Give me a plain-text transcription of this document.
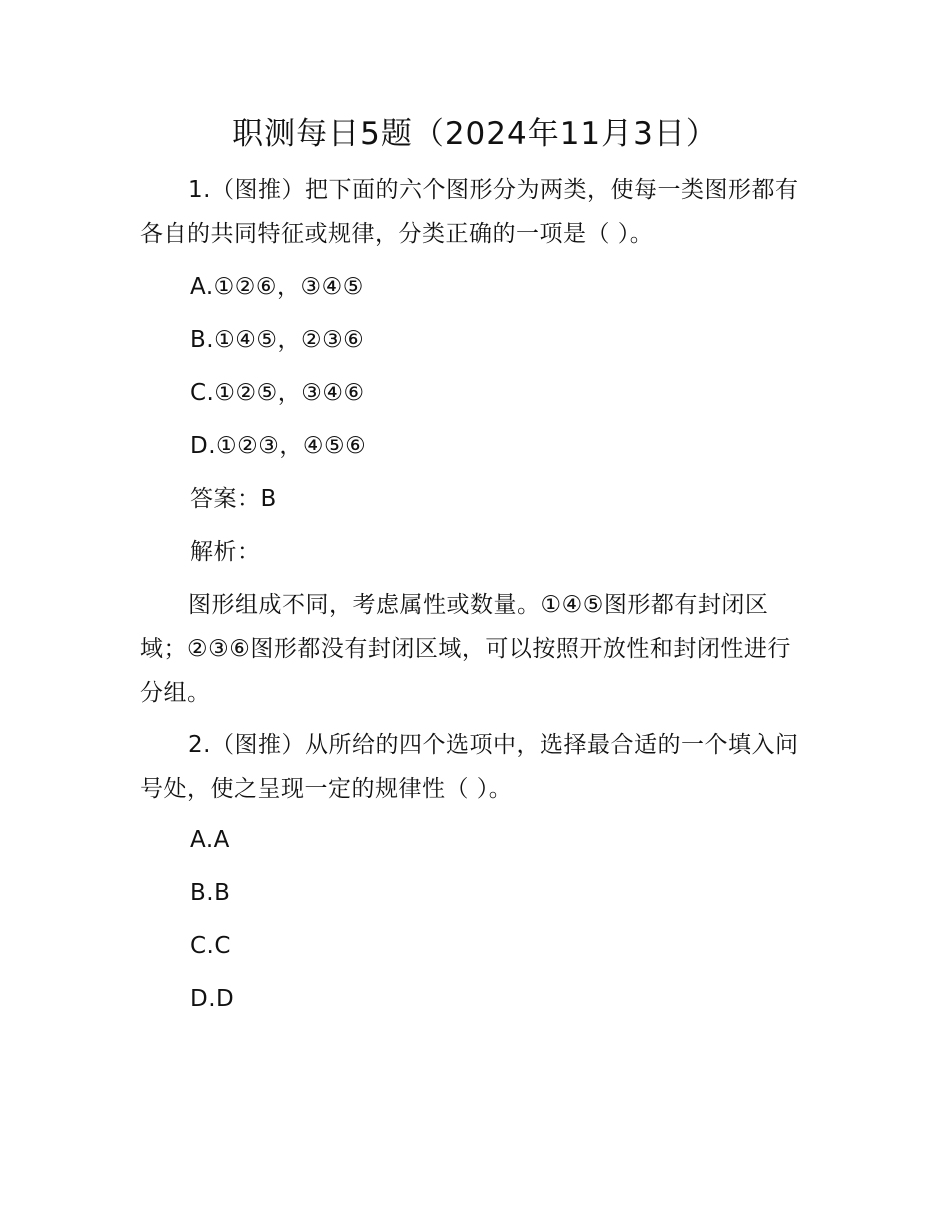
职测每日5题（2024年11月3日）
1.（图推）把下面的六个图形分为两类，使每一类图形都有各自的共同特征或规律，分类正确的一项是（ ）。
A.①②⑥，③④⑤
B.①④⑤，②③⑥
C.①②⑤，③④⑥
D.①②③，④⑤⑥
答案：B
解析：
图形组成不同，考虑属性或数量。①④⑤图形都有封闭区域；②③⑥图形都没有封闭区域，可以按照开放性和封闭性进行分组。
2.（图推）从所给的四个选项中，选择最合适的一个填入问号处，使之呈现一定的规律性（ ）。
A.A
B.B
C.C
D.D
